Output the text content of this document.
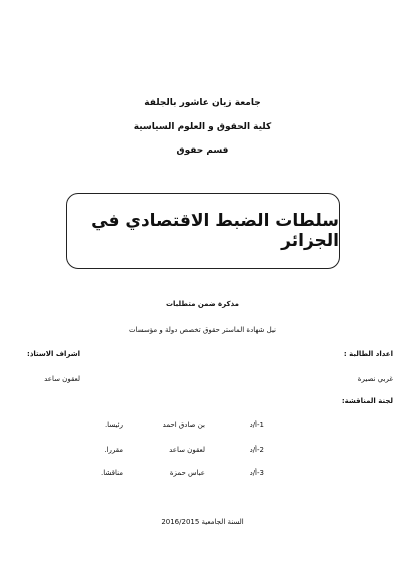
جامعة زيان عاشور بالجلفة
كلية الحقوق و العلوم السياسية
قسم حقوق
سلطات الضبط الاقتصادي في الجزائر
مذكرة ضمن متطلبات
نيل شهادة الماستر حقوق تخصص دولة و مؤسسات
اعداد الطالبة :
اشراف الاستاذ:
غربي نصيرة
لعقون ساعد
لجنة المناقشة:
1-أ/د
بن صادق احمد
رئيسا.
2-أ/د
لعقون ساعد
مقررا.
3-أ/د
عباس حمزة
مناقشا.
السنة الجامعية 2016/2015
